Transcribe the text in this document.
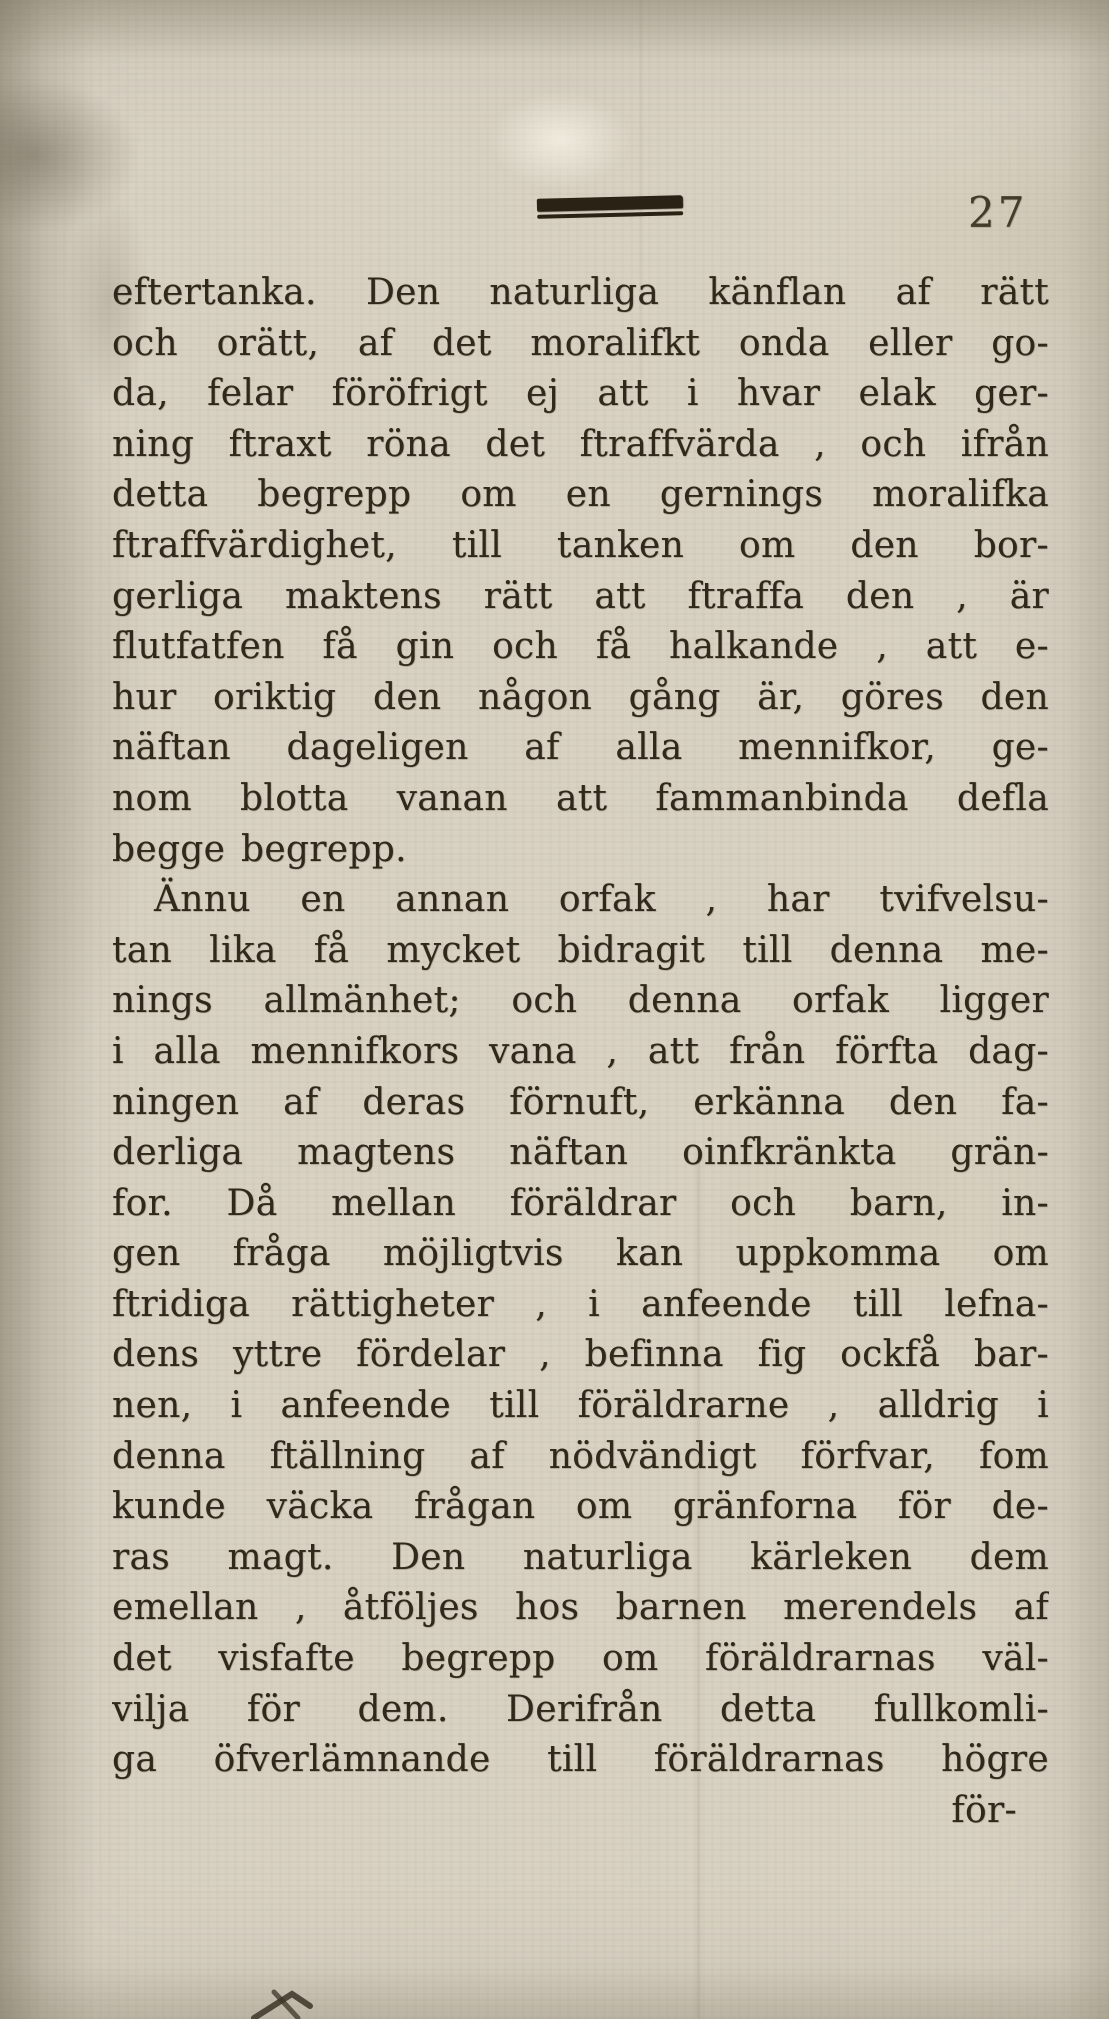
27
eftertanka. Den naturliga känflan af rätt
och orätt, af det moralifkt onda eller go-
da, felar föröfrigt ej att i hvar elak ger-
ning ftraxt röna det ftraffvärda , och ifrån
detta begrepp om en gernings moralifka
ftraffvärdighet, till tanken om den bor-
gerliga maktens rätt att ftraffa den , är
flutfatfen få gin och få halkande , att e-
hur oriktig den någon gång är, göres den
näftan dageligen af alla mennifkor, ge-
nom blotta vanan att fammanbinda defla
begge begrepp.
Ännu en annan orfak , har tvifvelsu-
tan lika få mycket bidragit till denna me-
nings allmänhet; och denna orfak ligger
i alla mennifkors vana , att från förfta dag-
ningen af deras förnuft, erkänna den fa-
derliga magtens näftan oinfkränkta grän-
for. Då mellan föräldrar och barn, in-
gen fråga möjligtvis kan uppkomma om
ftridiga rättigheter , i anfeende till lefna-
dens yttre fördelar , befinna fig ockfå bar-
nen, i anfeende till föräldrarne , alldrig i
denna ftällning af nödvändigt förfvar, fom
kunde väcka frågan om gränforna för de-
ras magt. Den naturliga kärleken dem
emellan , åtföljes hos barnen merendels af
det visfafte begrepp om föräldrarnas väl-
vilja för dem. Derifrån detta fullkomli-
ga öfverlämnande till föräldrarnas högre
för-
